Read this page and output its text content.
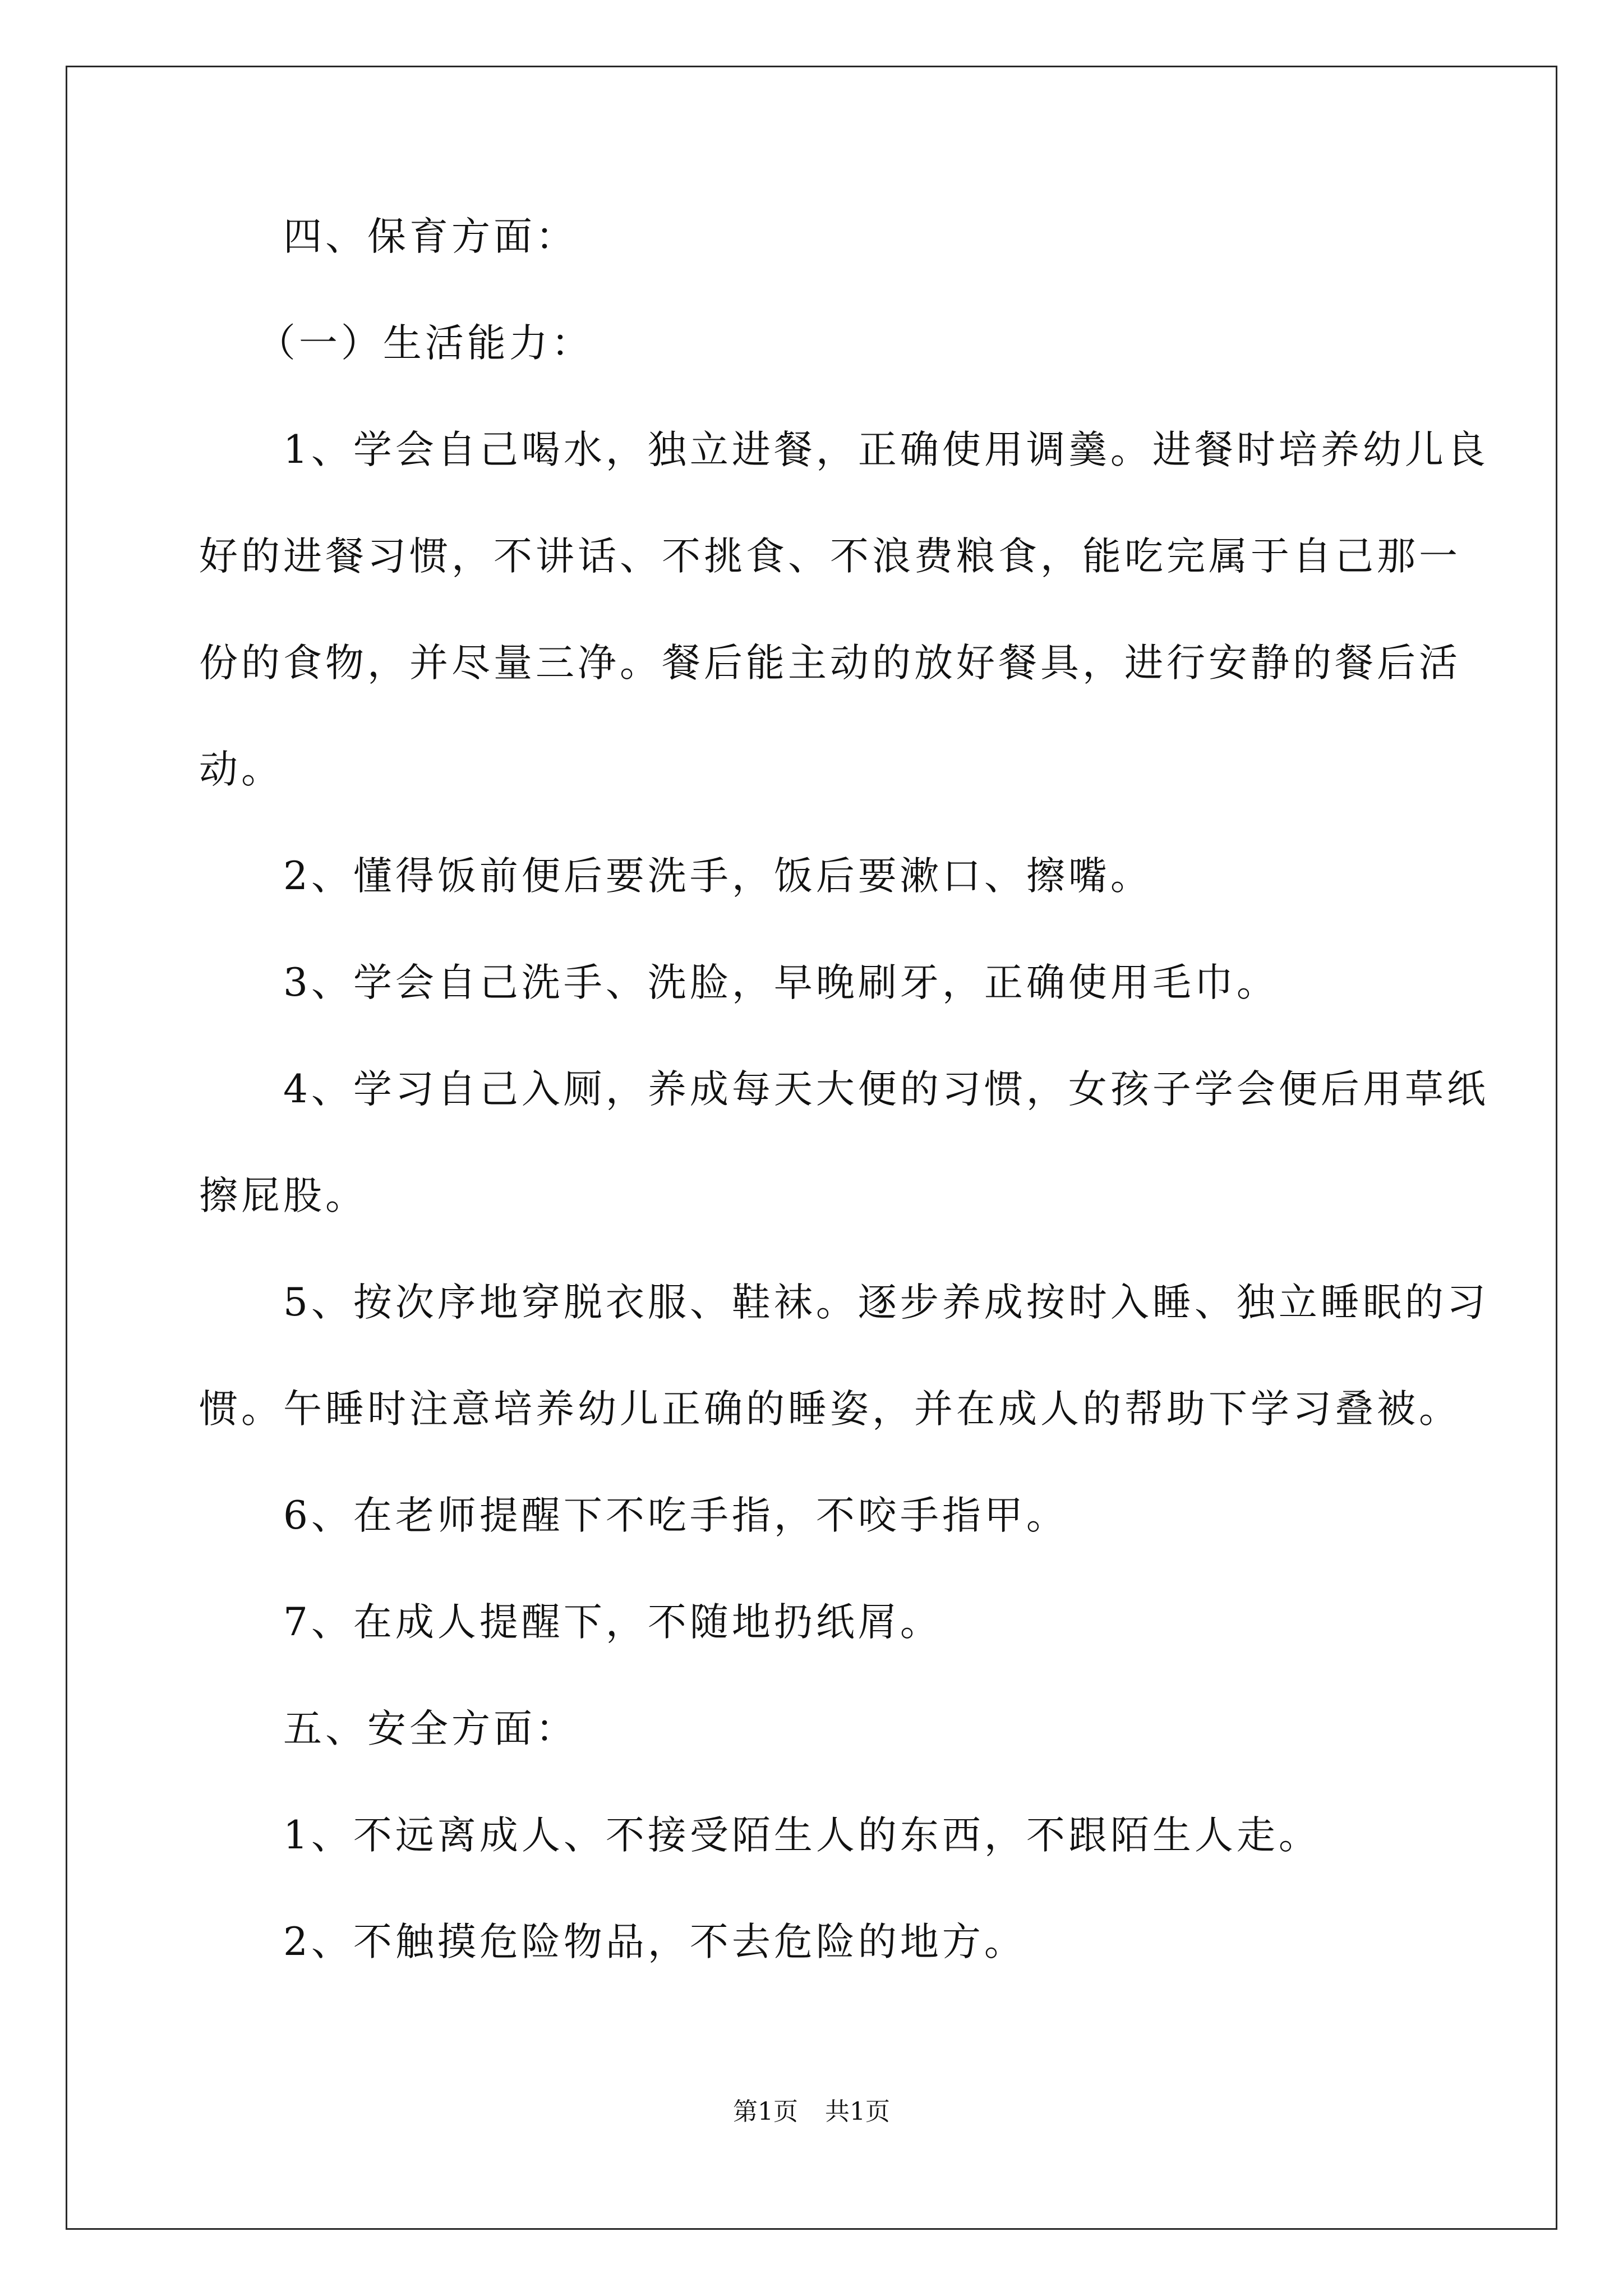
　　四、保育方面：

　 （一）生活能力：

　　1、学会自己喝水，独立进餐，正确使用调羹。进餐时培养幼儿良

好的进餐习惯，不讲话、不挑食、不浪费粮食，能吃完属于自己那一

份的食物，并尽量三净。餐后能主动的放好餐具，进行安静的餐后活

动。

　　2、懂得饭前便后要洗手，饭后要漱口、擦嘴。

　　3、学会自己洗手、洗脸，早晚刷牙，正确使用毛巾。

　　4、学习自己入厕，养成每天大便的习惯，女孩子学会便后用草纸

擦屁股。

　　5、按次序地穿脱衣服、鞋袜。逐步养成按时入睡、独立睡眠的习

惯。午睡时注意培养幼儿正确的睡姿，并在成人的帮助下学习叠被。

　　6、在老师提醒下不吃手指，不咬手指甲。

　　7、在成人提醒下，不随地扔纸屑。

　　五、安全方面：

　　1、不远离成人、不接受陌生人的东西，不跟陌生人走。

　　2、不触摸危险物品，不去危险的地方。

第1页 共1页
